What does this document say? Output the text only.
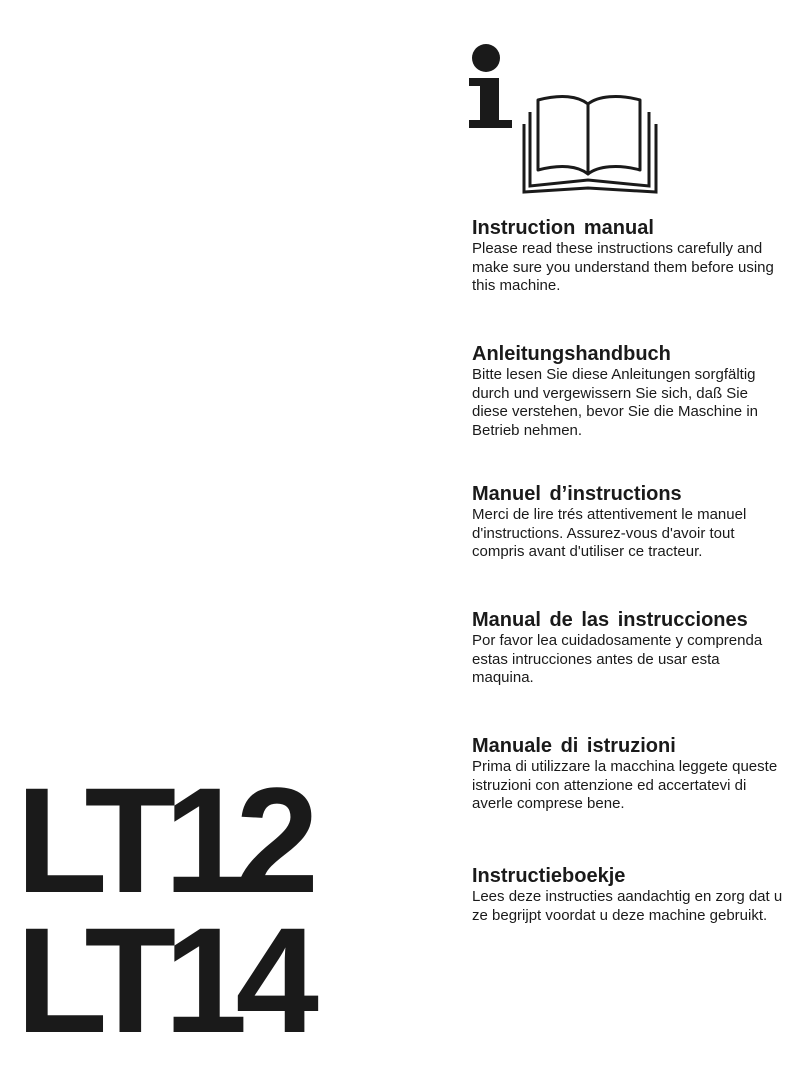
Instruction manual

Please read these instructions carefully and
make sure you understand them before using
this machine.

Anleitungshandbuch

Bitte lesen Sie diese Anleitungen sorgfältig
durch und vergewissern Sie sich, daß Sie
diese verstehen, bevor Sie die Maschine in
Betrieb nehmen.

Manuel d’instructions

Merci de lire trés attentivement le manuel
d'instructions. Assurez-vous d'avoir tout
compris avant d'utiliser ce tracteur.

Manual de las instrucciones

Por favor lea cuidadosamente y comprenda
estas intrucciones antes de usar esta
maquina.

Manuale di istruzioni

Prima di utilizzare la macchina leggete queste
istruzioni con attenzione ed accertatevi di
averle comprese bene.

Instructieboekje

Lees deze instructies aandachtig en zorg dat u
ze begrijpt voordat u deze machine gebruikt.

LT12
LT14
